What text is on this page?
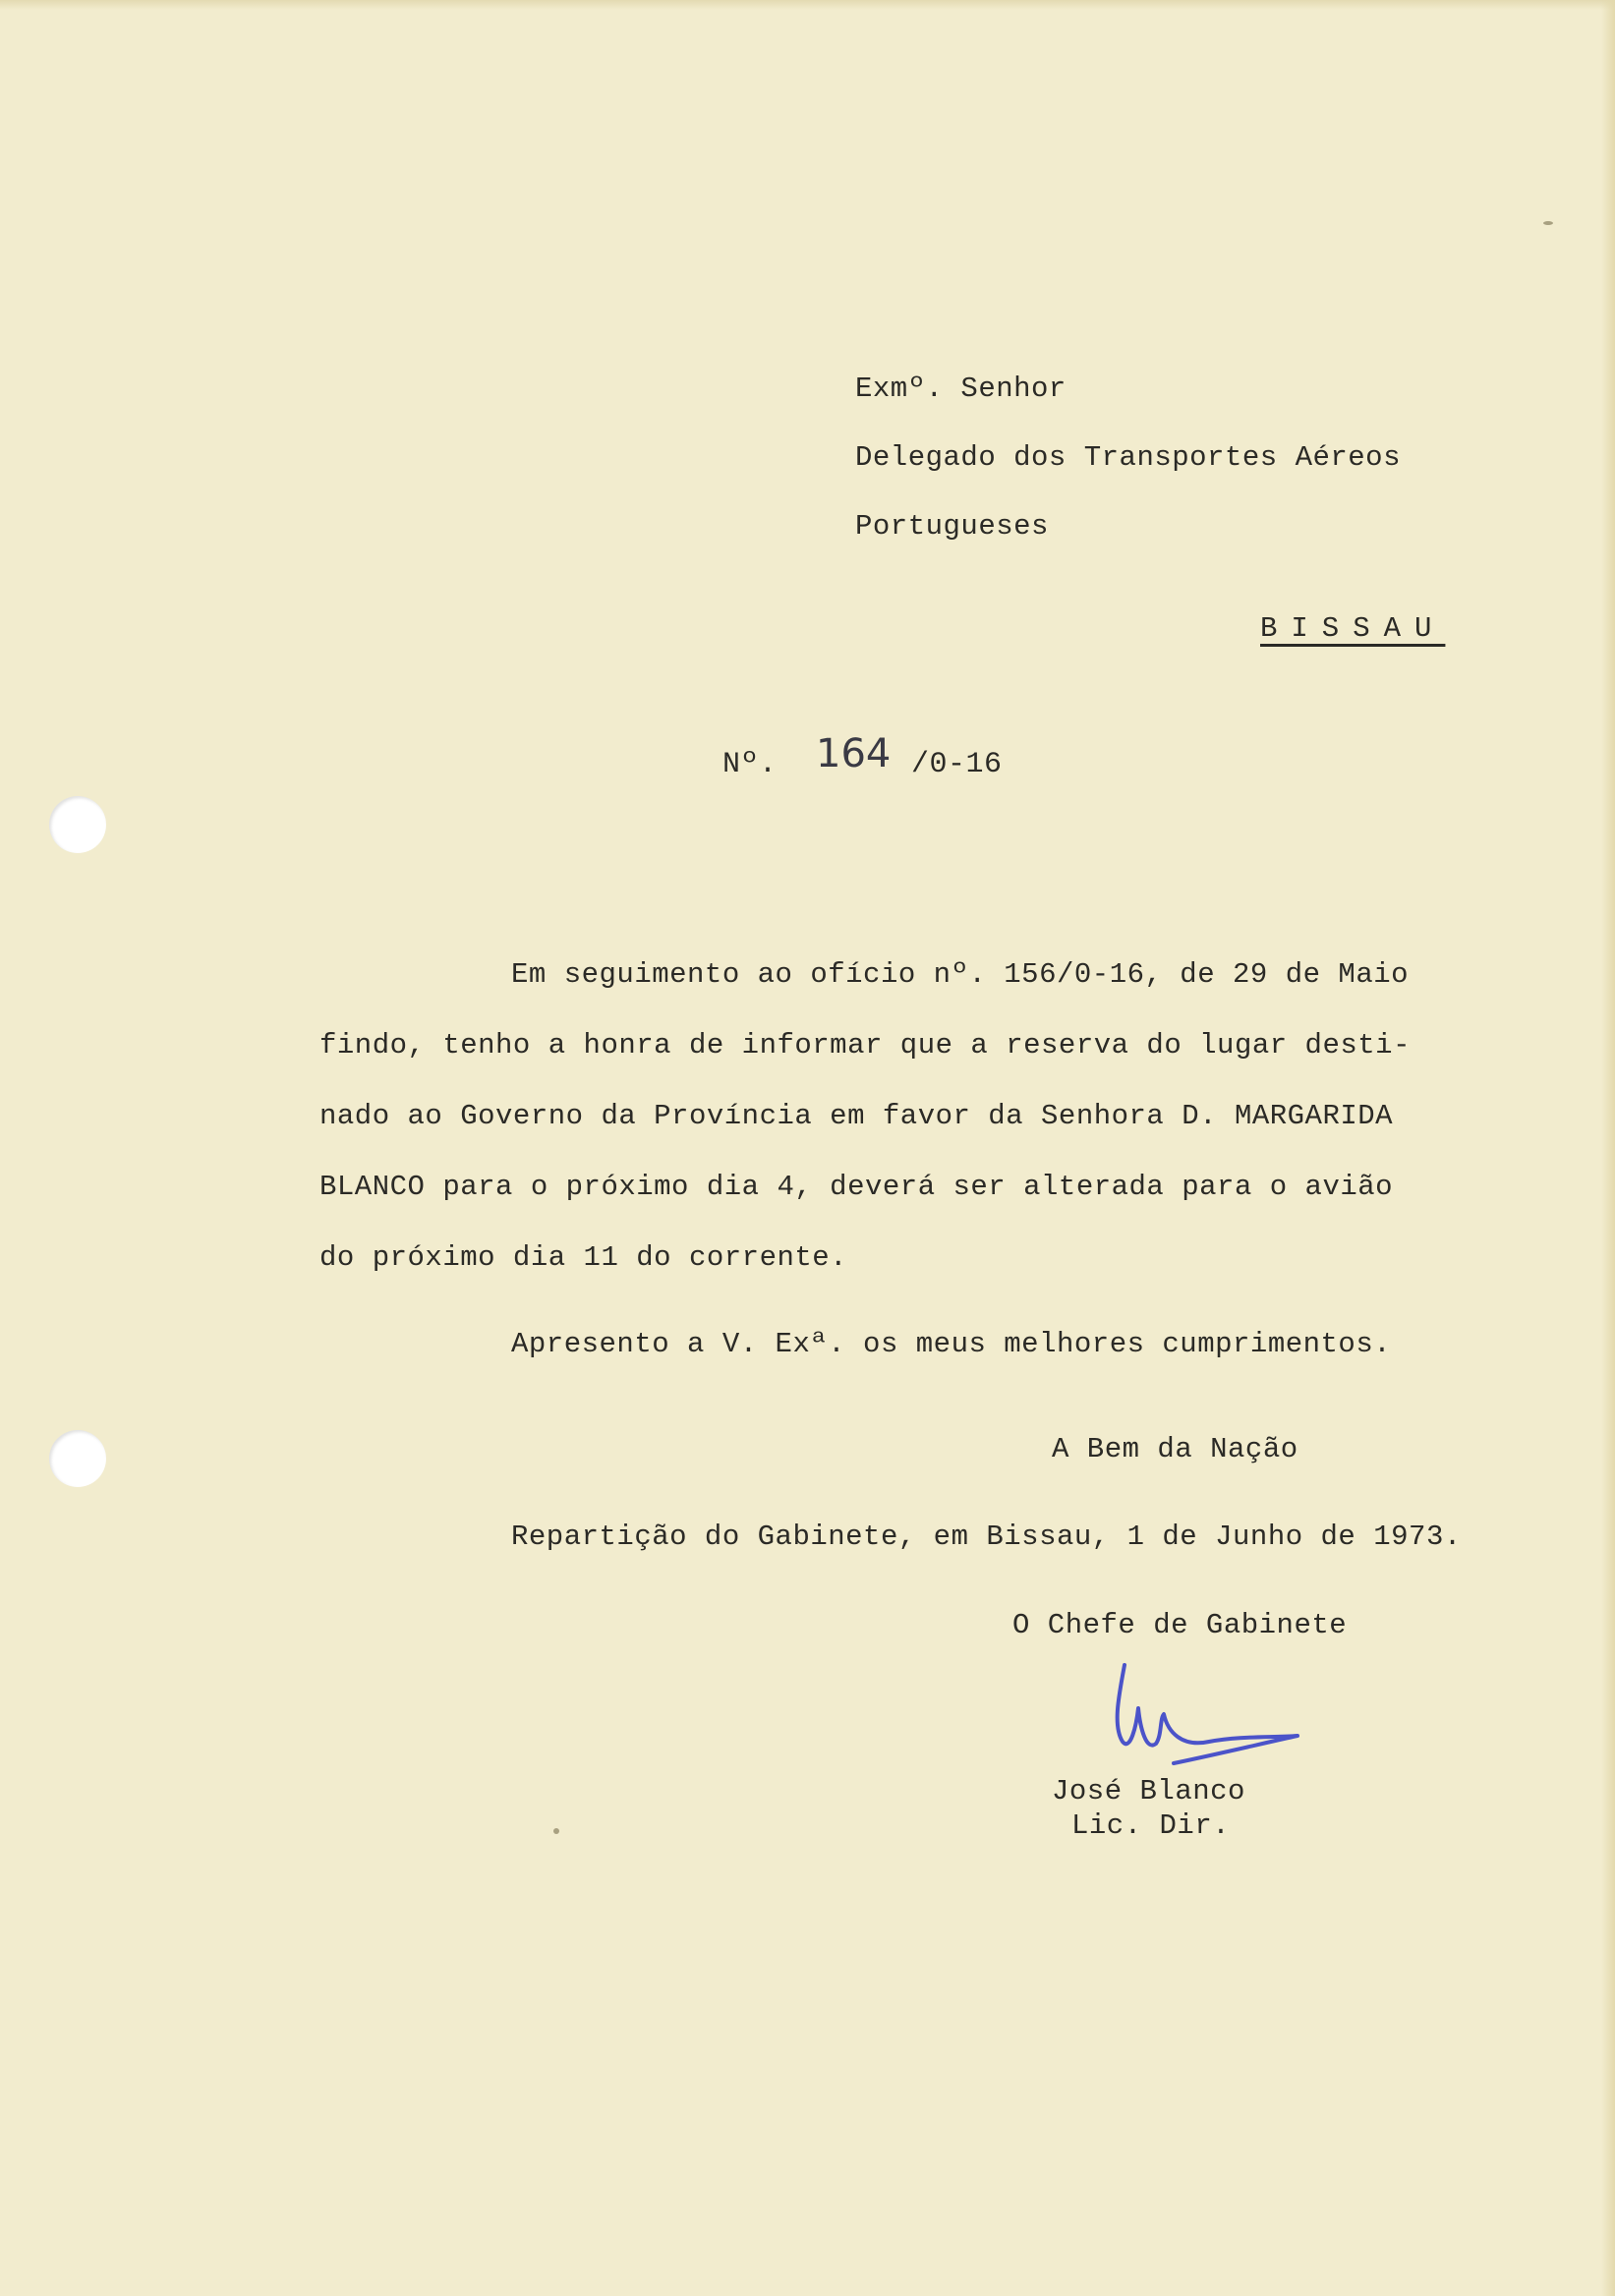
Exmº. Senhor
Delegado dos Transportes Aéreos
Portugueses
BISSAU
Nº. 164 /0-16
Em seguimento ao ofício nº. 156/0-16, de 29 de Maio
findo, tenho a honra de informar que a reserva do lugar desti-
nado ao Governo da Província em favor da Senhora D. MARGARIDA
BLANCO para o próximo dia 4, deverá ser alterada para o avião
do próximo dia 11 do corrente.
Apresento a V. Exª. os meus melhores cumprimentos.
A Bem da Nação
Repartição do Gabinete, em Bissau, 1 de Junho de 1973.
O Chefe de Gabinete
José Blanco
Lic. Dir.
